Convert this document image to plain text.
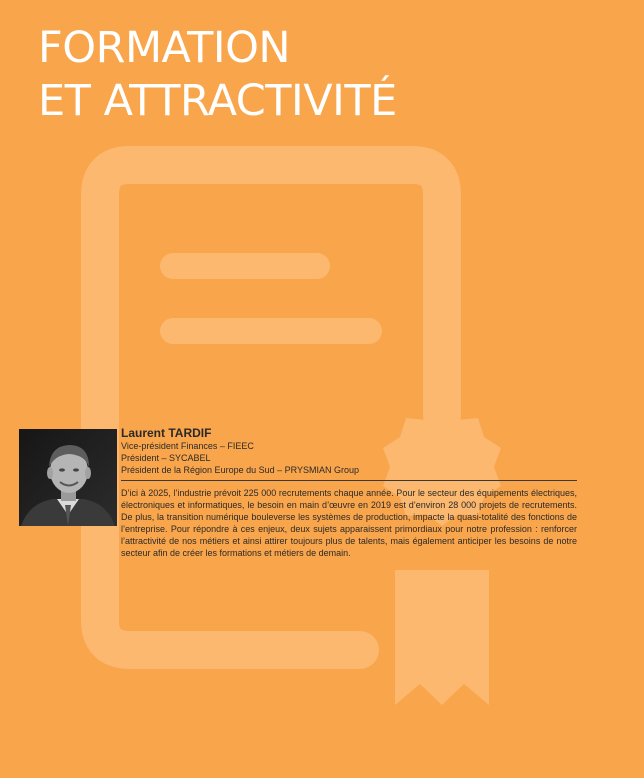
FORMATION
ET ATTRACTIVITÉ
Laurent TARDIF
Vice-président Finances – FIEEC
Président – SYCABEL
Président de la Région Europe du Sud – PRYSMIAN Group

D’ici à 2025, l’industrie prévoit 225 000 recrutements chaque année. Pour le secteur des équipements électriques, électroniques et informatiques, le besoin en main d’œuvre en 2019 est d’environ 28 000 projets de recrutements. De plus, la transition numérique bouleverse les systèmes de production, impacte la quasi-totalité des fonctions de l’entreprise. Pour répondre à ces enjeux, deux sujets apparaissent primordiaux pour notre profession : renforcer l’attractivité de nos métiers et ainsi attirer toujours plus de talents, mais également anticiper les besoins de notre secteur afin de créer les formations et métiers de demain.
